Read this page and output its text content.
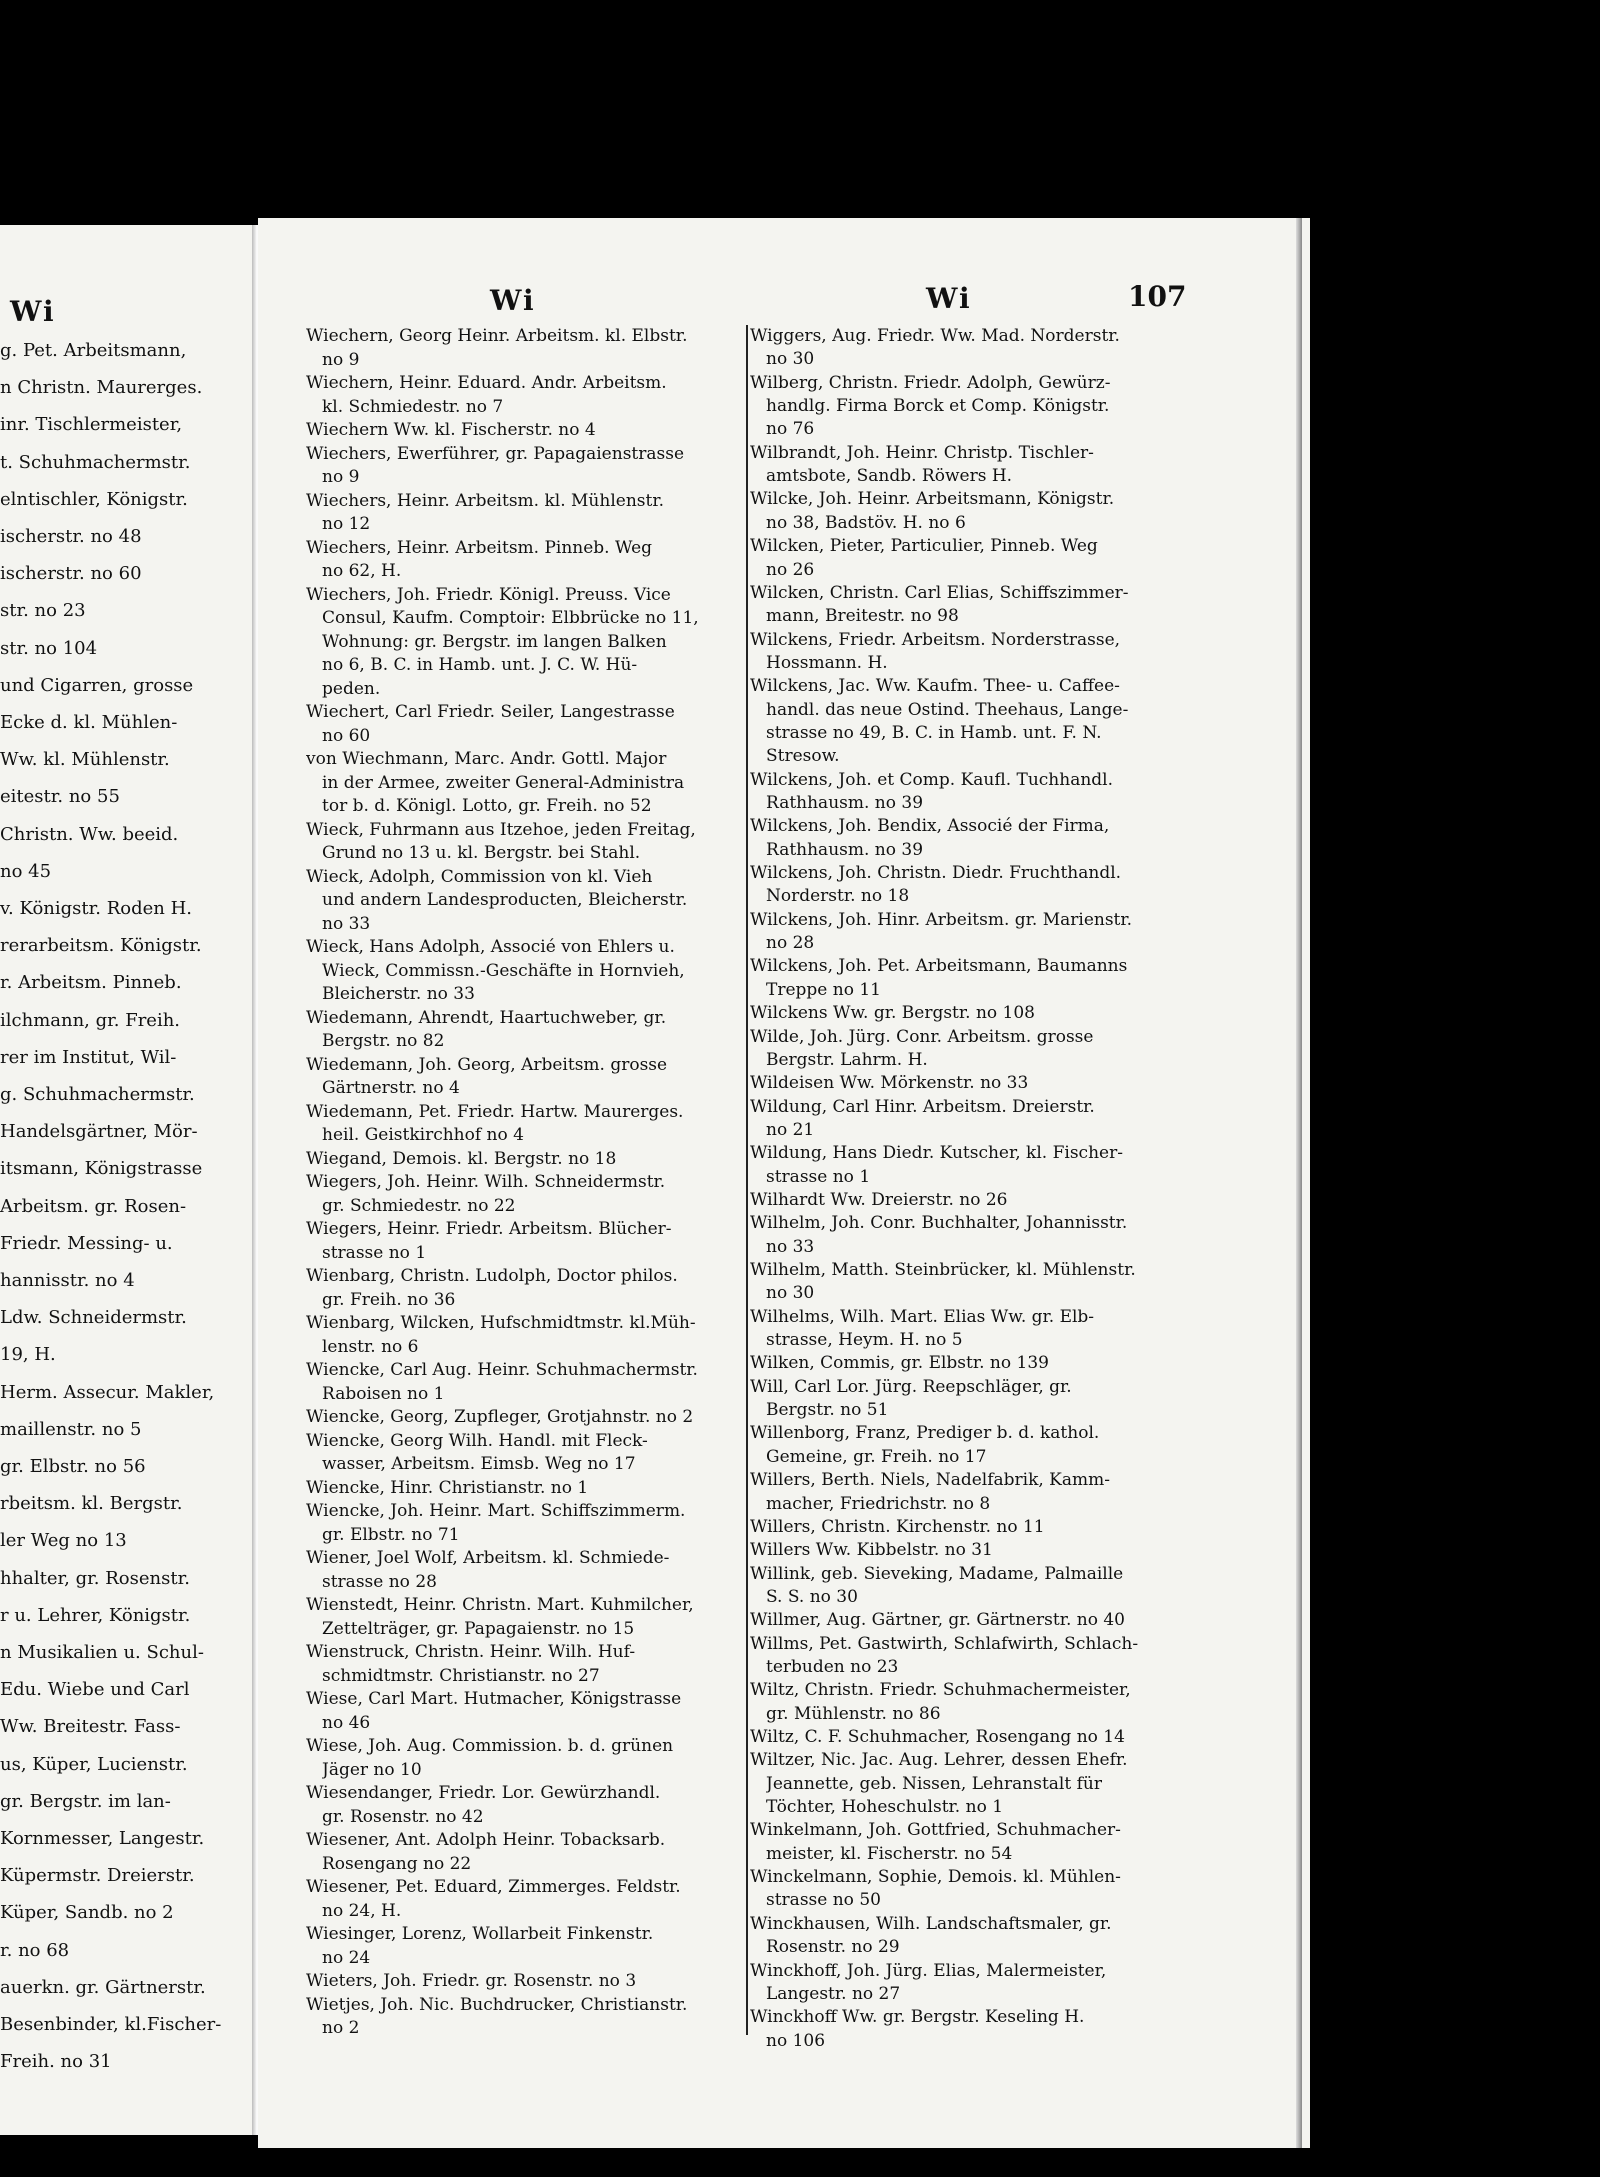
Wi
g. Pet. Arbeitsmann,
n Christn. Maurerges.
inr. Tischlermeister,
t. Schuhmachermstr.
elntischler, Königstr.
ischerstr. no 48
ischerstr. no 60
str. no 23
str. no 104
und Cigarren, grosse
Ecke d. kl. Mühlen-
Ww. kl. Mühlenstr.
eitestr. no 55
Christn. Ww. beeid.
no 45
v. Königstr. Roden H.
rerarbeitsm. Königstr.
r. Arbeitsm. Pinneb.
ilchmann, gr. Freih.
rer im Institut, Wil-
g. Schuhmachermstr.
Handelsgärtner, Mör-
itsmann, Königstrasse
Arbeitsm. gr. Rosen-
Friedr. Messing- u.
hannisstr. no 4
Ldw. Schneidermstr.
19, H.
Herm. Assecur. Makler,
maillenstr. no 5
gr. Elbstr. no 56
rbeitsm. kl. Bergstr.
ler Weg no 13
hhalter, gr. Rosenstr.
r u. Lehrer, Königstr.
n Musikalien u. Schul-
Edu. Wiebe und Carl
Ww. Breitestr. Fass-
us, Küper, Lucienstr.
gr. Bergstr. im lan-
Kornmesser, Langestr.
Küpermstr. Dreierstr.
Küper, Sandb. no 2
r. no 68
auerkn. gr. Gärtnerstr.
Besenbinder, kl.Fischer-
Freih. no 31
Wi	Wi	107
Wiechern, Georg Heinr. Arbeitsm. kl. Elbstr.
no 9
Wiechern, Heinr. Eduard. Andr. Arbeitsm.
kl. Schmiedestr. no 7
Wiechern Ww. kl. Fischerstr. no 4
Wiechers, Ewerführer, gr. Papagaienstrasse
no 9
Wiechers, Heinr. Arbeitsm. kl. Mühlenstr.
no 12
Wiechers, Heinr. Arbeitsm. Pinneb. Weg
no 62, H.
Wiechers, Joh. Friedr. Königl. Preuss. Vice
Consul, Kaufm. Comptoir: Elbbrücke no 11,
Wohnung: gr. Bergstr. im langen Balken
no 6, B. C. in Hamb. unt. J. C. W. Hü-
peden.
Wiechert, Carl Friedr. Seiler, Langestrasse
no 60
von Wiechmann, Marc. Andr. Gottl. Major
in der Armee, zweiter General-Administra
tor b. d. Königl. Lotto, gr. Freih. no 52
Wieck, Fuhrmann aus Itzehoe, jeden Freitag,
Grund no 13 u. kl. Bergstr. bei Stahl.
Wieck, Adolph, Commission von kl. Vieh
und andern Landesproducten, Bleicherstr.
no 33
Wieck, Hans Adolph, Associé von Ehlers u.
Wieck, Commissn.-Geschäfte in Hornvieh,
Bleicherstr. no 33
Wiedemann, Ahrendt, Haartuchweber, gr.
Bergstr. no 82
Wiedemann, Joh. Georg, Arbeitsm. grosse
Gärtnerstr. no 4
Wiedemann, Pet. Friedr. Hartw. Maurerges.
heil. Geistkirchhof no 4
Wiegand, Demois. kl. Bergstr. no 18
Wiegers, Joh. Heinr. Wilh. Schneidermstr.
gr. Schmiedestr. no 22
Wiegers, Heinr. Friedr. Arbeitsm. Blücher-
strasse no 1
Wienbarg, Christn. Ludolph, Doctor philos.
gr. Freih. no 36
Wienbarg, Wilcken, Hufschmidtmstr. kl.Müh-
lenstr. no 6
Wiencke, Carl Aug. Heinr. Schuhmachermstr.
Raboisen no 1
Wiencke, Georg, Zupfleger, Grotjahnstr. no 2
Wiencke, Georg Wilh. Handl. mit Fleck-
wasser, Arbeitsm. Eimsb. Weg no 17
Wiencke, Hinr. Christianstr. no 1
Wiencke, Joh. Heinr. Mart. Schiffszimmerm.
gr. Elbstr. no 71
Wiener, Joel Wolf, Arbeitsm. kl. Schmiede-
strasse no 28
Wienstedt, Heinr. Christn. Mart. Kuhmilcher,
Zettelträger, gr. Papagaienstr. no 15
Wienstruck, Christn. Heinr. Wilh. Huf-
schmidtmstr. Christianstr. no 27
Wiese, Carl Mart. Hutmacher, Königstrasse
no 46
Wiese, Joh. Aug. Commission. b. d. grünen
Jäger no 10
Wiesendanger, Friedr. Lor. Gewürzhandl.
gr. Rosenstr. no 42
Wiesener, Ant. Adolph Heinr. Tobacksarb.
Rosengang no 22
Wiesener, Pet. Eduard, Zimmerges. Feldstr.
no 24, H.
Wiesinger, Lorenz, Wollarbeit Finkenstr.
no 24
Wieters, Joh. Friedr. gr. Rosenstr. no 3
Wietjes, Joh. Nic. Buchdrucker, Christianstr.
no 2
Wiggers, Aug. Friedr. Ww. Mad. Norderstr.
no 30
Wilberg, Christn. Friedr. Adolph, Gewürz-
handlg. Firma Borck et Comp. Königstr.
no 76
Wilbrandt, Joh. Heinr. Christp. Tischler-
amtsbote, Sandb. Röwers H.
Wilcke, Joh. Heinr. Arbeitsmann, Königstr.
no 38, Badstöv. H. no 6
Wilcken, Pieter, Particulier, Pinneb. Weg
no 26
Wilcken, Christn. Carl Elias, Schiffszimmer-
mann, Breitestr. no 98
Wilckens, Friedr. Arbeitsm. Norderstrasse,
Hossmann. H.
Wilckens, Jac. Ww. Kaufm. Thee- u. Caffee-
handl. das neue Ostind. Theehaus, Lange-
strasse no 49, B. C. in Hamb. unt. F. N.
Stresow.
Wilckens, Joh. et Comp. Kaufl. Tuchhandl.
Rathhausm. no 39
Wilckens, Joh. Bendix, Associé der Firma,
Rathhausm. no 39
Wilckens, Joh. Christn. Diedr. Fruchthandl.
Norderstr. no 18
Wilckens, Joh. Hinr. Arbeitsm. gr. Marienstr.
no 28
Wilckens, Joh. Pet. Arbeitsmann, Baumanns
Treppe no 11
Wilckens Ww. gr. Bergstr. no 108
Wilde, Joh. Jürg. Conr. Arbeitsm. grosse
Bergstr. Lahrm. H.
Wildeisen Ww. Mörkenstr. no 33
Wildung, Carl Hinr. Arbeitsm. Dreierstr.
no 21
Wildung, Hans Diedr. Kutscher, kl. Fischer-
strasse no 1
Wilhardt Ww. Dreierstr. no 26
Wilhelm, Joh. Conr. Buchhalter, Johannisstr.
no 33
Wilhelm, Matth. Steinbrücker, kl. Mühlenstr.
no 30
Wilhelms, Wilh. Mart. Elias Ww. gr. Elb-
strasse, Heym. H. no 5
Wilken, Commis, gr. Elbstr. no 139
Will, Carl Lor. Jürg. Reepschläger, gr.
Bergstr. no 51
Willenborg, Franz, Prediger b. d. kathol.
Gemeine, gr. Freih. no 17
Willers, Berth. Niels, Nadelfabrik, Kamm-
macher, Friedrichstr. no 8
Willers, Christn. Kirchenstr. no 11
Willers Ww. Kibbelstr. no 31
Willink, geb. Sieveking, Madame, Palmaille
S. S. no 30
Willmer, Aug. Gärtner, gr. Gärtnerstr. no 40
Willms, Pet. Gastwirth, Schlafwirth, Schlach-
terbuden no 23
Wiltz, Christn. Friedr. Schuhmachermeister,
gr. Mühlenstr. no 86
Wiltz, C. F. Schuhmacher, Rosengang no 14
Wiltzer, Nic. Jac. Aug. Lehrer, dessen Ehefr.
Jeannette, geb. Nissen, Lehranstalt für
Töchter, Hoheschulstr. no 1
Winkelmann, Joh. Gottfried, Schuhmacher-
meister, kl. Fischerstr. no 54
Winckelmann, Sophie, Demois. kl. Mühlen-
strasse no 50
Winckhausen, Wilh. Landschaftsmaler, gr.
Rosenstr. no 29
Winckhoff, Joh. Jürg. Elias, Malermeister,
Langestr. no 27
Winckhoff Ww. gr. Bergstr. Keseling H.
no 106
